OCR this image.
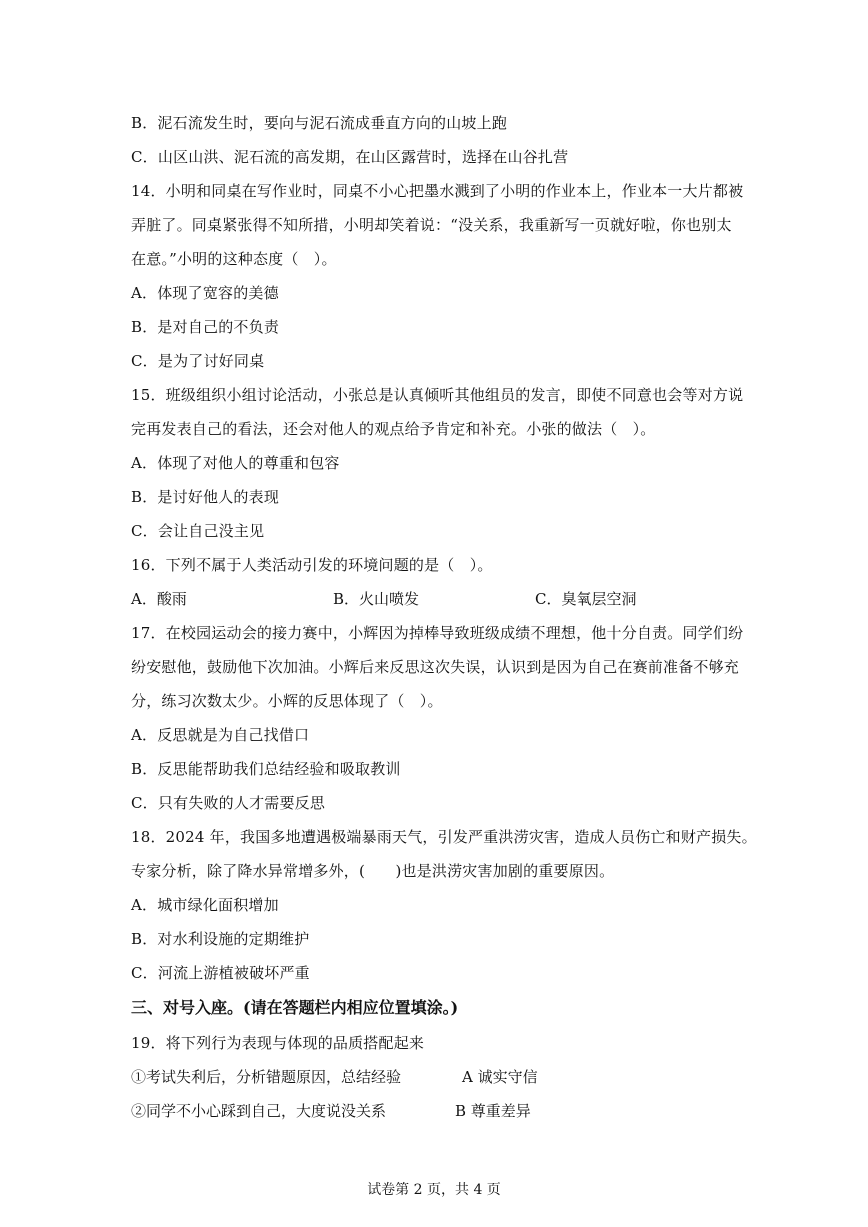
B．泥石流发生时，要向与泥石流成垂直方向的山坡上跑
C．山区山洪、泥石流的高发期，在山区露营时，选择在山谷扎营
14．小明和同桌在写作业时，同桌不小心把墨水溅到了小明的作业本上，作业本一大片都被
弄脏了。同桌紧张得不知所措，小明却笑着说：“没关系，我重新写一页就好啦，你也别太
在意。”小明的这种态度（　）。
A．体现了宽容的美德
B．是对自己的不负责
C．是为了讨好同桌
15．班级组织小组讨论活动，小张总是认真倾听其他组员的发言，即使不同意也会等对方说
完再发表自己的看法，还会对他人的观点给予肯定和补充。小张的做法（　）。
A．体现了对他人的尊重和包容
B．是讨好他人的表现
C．会让自己没主见
16．下列不属于人类活动引发的环境问题的是（　）。
A．酸雨	B．火山喷发	C．臭氧层空洞
17．在校园运动会的接力赛中，小辉因为掉棒导致班级成绩不理想，他十分自责。同学们纷
纷安慰他，鼓励他下次加油。小辉后来反思这次失误，认识到是因为自己在赛前准备不够充
分，练习次数太少。小辉的反思体现了（　）。
A．反思就是为自己找借口
B．反思能帮助我们总结经验和吸取教训
C．只有失败的人才需要反思
18．2024 年，我国多地遭遇极端暴雨天气，引发严重洪涝灾害，造成人员伤亡和财产损失。
专家分析，除了降水异常增多外，(　　)也是洪涝灾害加剧的重要原因。
A．城市绿化面积增加
B．对水利设施的定期维护
C．河流上游植被破坏严重
三、对号入座。(请在答题栏内相应位置填涂。)
19．将下列行为表现与体现的品质搭配起来
①考试失利后，分析错题原因，总结经验	A 诚实守信
②同学不小心踩到自己，大度说没关系	B 尊重差异
试卷第 2 页，共 4 页
